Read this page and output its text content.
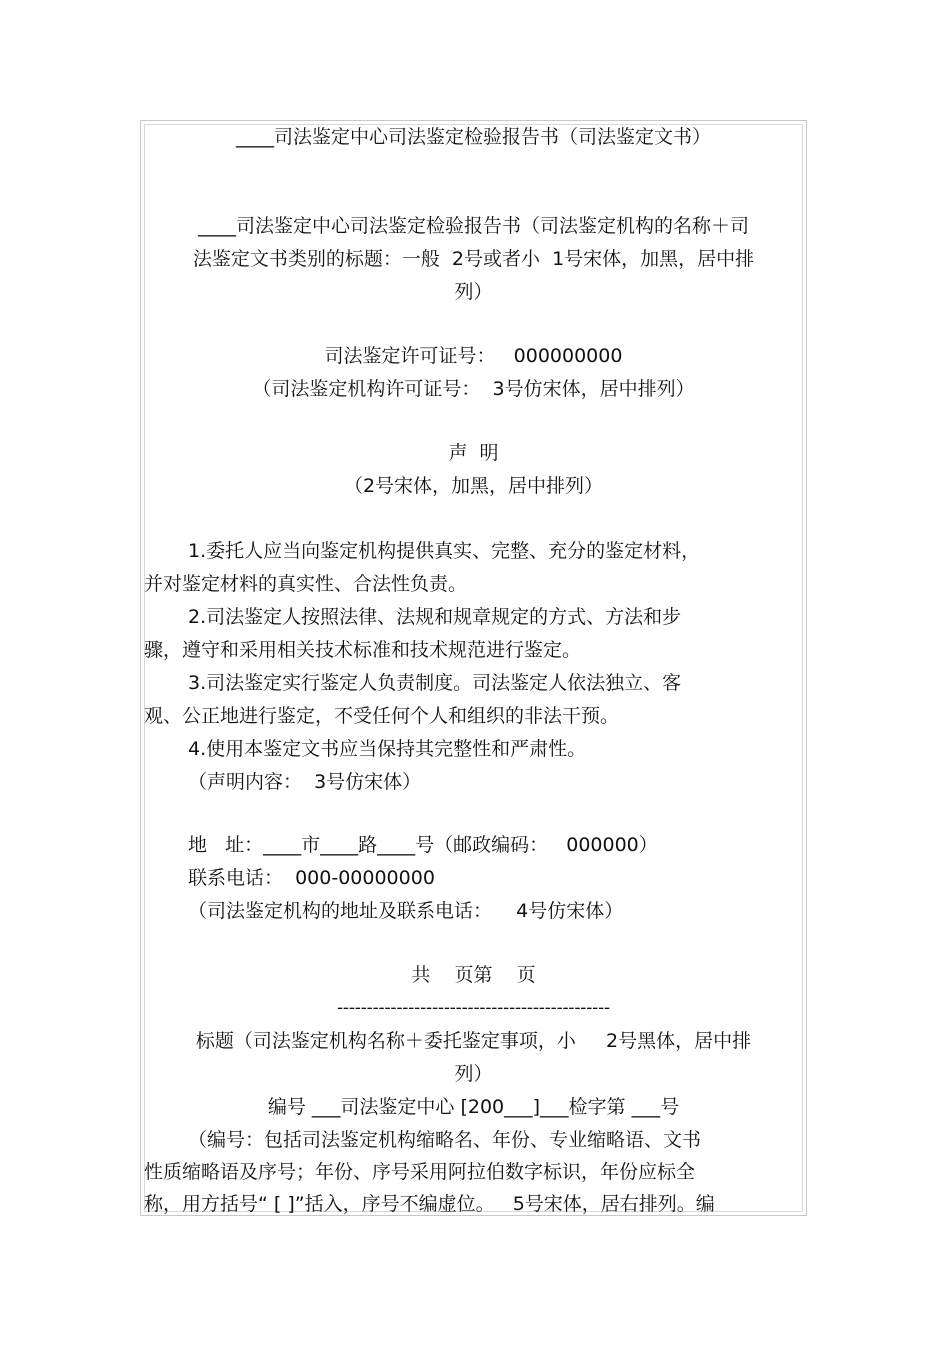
____司法鉴定中心司法鉴定检验报告书（司法鉴定文书）
____司法鉴定中心司法鉴定检验报告书（司法鉴定机构的名称＋司
法鉴定文书类别的标题：一般  2号或者小  1号宋体，加黑，居中排
列）
司法鉴定许可证号：   000000000
（司法鉴定机构许可证号：  3号仿宋体，居中排列）
声  明
（2号宋体，加黑，居中排列）
1.委托人应当向鉴定机构提供真实、完整、充分的鉴定材料，
并对鉴定材料的真实性、合法性负责。
2.司法鉴定人按照法律、法规和规章规定的方式、方法和步
骤，遵守和采用相关技术标准和技术规范进行鉴定。
3.司法鉴定实行鉴定人负责制度。司法鉴定人依法独立、客
观、公正地进行鉴定，不受任何个人和组织的非法干预。
4.使用本鉴定文书应当保持其完整性和严肃性。
（声明内容：  3号仿宋体）
地   址：____市____路____号（邮政编码：   000000）
联系电话：  000-00000000
（司法鉴定机构的地址及联系电话：    4号仿宋体）
共    页第    页
----------------------------------------------
标题（司法鉴定机构名称＋委托鉴定事项，小     2号黑体，居中排
列）
编号 ___司法鉴定中心 [200___]___检字第 ___号
（编号：包括司法鉴定机构缩略名、年份、专业缩略语、文书
性质缩略语及序号；年份、序号采用阿拉伯数字标识，年份应标全
称，用方括号“ [ ]”括入，序号不编虚位。   5号宋体，居右排列。编
